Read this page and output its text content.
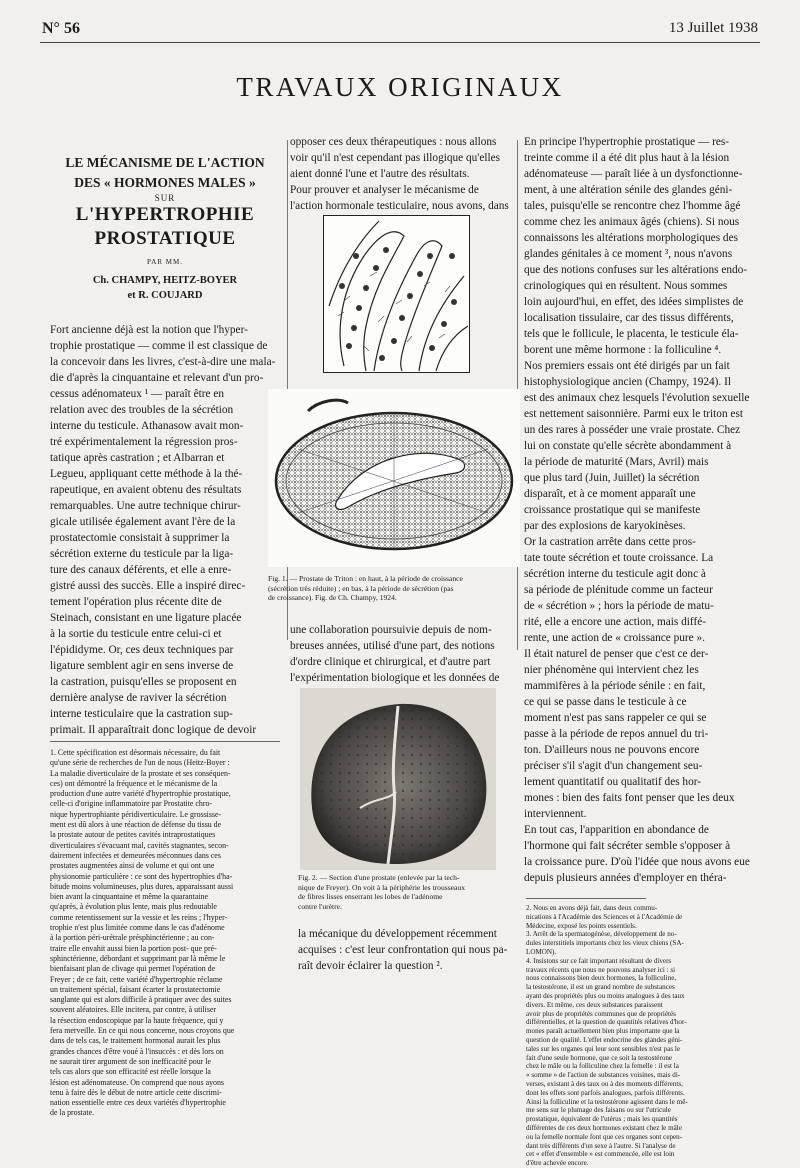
N° 56	13 Juillet 1938
TRAVAUX ORIGINAUX
LE MÉCANISME DE L'ACTION
DES « HORMONES MALES »
SUR
L'HYPERTROPHIE
PROSTATIQUE
PAR MM.
Ch. CHAMPY, HEITZ-BOYER
et R. COUJARD
Fort ancienne déjà est la notion que l'hyper-
trophie prostatique — comme il est classique de
la concevoir dans les livres, c'est-à-dire une mala-
die d'après la cinquantaine et relevant d'un pro-
cessus adénomateux ¹ — paraît être en
relation avec des troubles de la sécrétion
interne du testicule. Athanasow avait mon-
tré expérimentalement la régression pros-
tatique après castration ; et Albarran et
Legueu, appliquant cette méthode à la thé-
rapeutique, en avaient obtenu des résultats
remarquables. Une autre technique chirur-
gicale utilisée également avant l'ère de la
prostatectomie consistait à supprimer la
sécrétion externe du testicule par la liga-
ture des canaux déférents, et elle a enre-
gistré aussi des succès. Elle a inspiré direc-
tement l'opération plus récente dite de
Steinach, consistant en une ligature placée
à la sortie du testicule entre celui-ci et
l'épididyme. Or, ces deux techniques par
ligature semblent agir en sens inverse de
la castration, puisqu'elles se proposent en
dernière analyse de raviver la sécrétion
interne testiculaire que la castration sup-
primait. Il apparaîtrait donc logique de devoir
1. Cette spécification est désormais nécessaire, du fait
qu'une série de recherches de l'un de nous (Heitz-Boyer :
La maladie diverticulaire de la prostate et ses conséquen-
ces) ont démontré la fréquence et le mécanisme de la
production d'une autre variété d'hypertrophie prostatique,
celle-ci d'origine inflammatoire par Prostatite chro-
nique hypertrophiante péridiverticulaire. Le grossisse-
ment est dû alors à une réaction de défense du tissu de
la prostate autour de petites cavités intraprostatiques
diverticulaires s'évacuant mal, cavités stagnantes, secon-
dairement infectées et demeurées méconnues dans ces
prostates augmentées ainsi de volume et qui ont une
physionomie particulière : ce sont des hypertrophies d'ha-
bitude moins volumineuses, plus dures, apparaissant aussi
bien avant la cinquantaine et même la quarantaine
qu'après, à évolution plus lente, mais plus redoutable
comme retentissement sur la vessie et les reins ; l'hyper-
trophie n'est plus limitée comme dans le cas d'adénome
à la portion péri-urétrale présphinctérienne ; au con-
traire elle envahit aussi bien la portion post- que pré-
sphinctérienne, débordant et supprimant par là même le
bienfaisant plan de clivage qui permet l'opération de
Freyer ; de ce fait, cette variété d'hypertrophie réclame
un traitement spécial, faisant écarter la prostatectomie
sanglante qui est alors difficile à pratiquer avec des suites
souvent aléatoires. Elle incitera, par contre, à utiliser
la résection endoscopique par la haute fréquence, qui y
fera merveille. En ce qui nous concerne, nous croyons que
dans de tels cas, le traitement hormonal aurait les plus
grandes chances d'être voué à l'insuccès : et dès lors on
ne saurait tirer argument de son inefficacité pour le
tels cas alors que son efficacité est réelle lorsque la
lésion est adénomateuse. On comprend que nous ayons
tenu à faire dès le début de notre article cette discrimi-
nation essentielle entre ces deux variétés d'hypertrophie
de la prostate.
opposer ces deux thérapeutiques : nous allons
voir qu'il n'est cependant pas illogique qu'elles
aient donné l'une et l'autre des résultats.
Pour prouver et analyser le mécanisme de
l'action hormonale testiculaire, nous avons, dans
Fig. 1. — Prostate de Triton : en haut, à la période de croissance
(sécrétion très réduite) ; en bas, à la période de sécrétion (pas
de croissance). Fig. de Ch. Champy, 1924.
une collaboration poursuivie depuis de nom-
breuses années, utilisé d'une part, des notions
d'ordre clinique et chirurgical, et d'autre part
l'expérimentation biologique et les données de
Fig. 2. — Section d'une prostate (enlevée par la tech-
nique de Freyer). On voit à la périphérie les trousseaux
de fibres lisses enserrant les lobes de l'adénome
contre l'urètre.
la mécanique du développement récemment
acquises : c'est leur confrontation qui nous pa-
raît devoir éclairer la question ².
En principe l'hypertrophie prostatique — res-
treinte comme il a été dit plus haut à la lésion
adénomateuse — paraît liée à un dysfonctionne-
ment, à une altération sénile des glandes géni-
tales, puisqu'elle se rencontre chez l'homme âgé
comme chez les animaux âgés (chiens). Si nous
connaissons les altérations morphologiques des
glandes génitales à ce moment ³, nous n'avons
que des notions confuses sur les altérations endo-
crinologiques qui en résultent. Nous sommes
loin aujourd'hui, en effet, des idées simplistes de
localisation tissulaire, car des tissus différents,
tels que le follicule, le placenta, le testicule éla-
borent une même hormone : la folliculine ⁴.
Nos premiers essais ont été dirigés par un fait
histophysiologique ancien (Champy, 1924). Il
est des animaux chez lesquels l'évolution sexuelle
est nettement saisonnière. Parmi eux le triton est
un des rares à posséder une vraie prostate. Chez
lui on constate qu'elle sécrète abondamment à
la période de maturité (Mars, Avril) mais
que plus tard (Juin, Juillet) la sécrétion
disparaît, et à ce moment apparaît une
croissance prostatique qui se manifeste
par des explosions de karyokinèses.
Or la castration arrête dans cette pros-
tate toute sécrétion et toute croissance. La
sécrétion interne du testicule agit donc à
sa période de plénitude comme un facteur
de « sécrétion » ; hors la période de matu-
rité, elle a encore une action, mais diffé-
rente, une action de « croissance pure ».
Il était naturel de penser que c'est ce der-
nier phénomène qui intervient chez les
mammifères à la période sénile : en fait,
ce qui se passe dans le testicule à ce
moment n'est pas sans rappeler ce qui se
passe à la période de repos annuel du tri-
ton. D'ailleurs nous ne pouvons encore
préciser s'il s'agit d'un changement seu-
lement quantitatif ou qualitatif des hor-
mones : bien des faits font penser que les deux
interviennent.
En tout cas, l'apparition en abondance de
l'hormone qui fait sécréter semble s'opposer à
la croissance pure. D'où l'idée que nous avons eue
depuis plusieurs années d'employer en théra-
2. Nous en avons déjà fait, dans deux commu-
nications à l'Académie des Sciences et à l'Académie de
Médecine, exposé les points essentiels.
3. Arrêt de la spermatogénèse, développement de no-
dules interstitiels importants chez les vieux chiens (SA-
LOMON).
4. Insistons sur ce fait important résultant de divers
travaux récents que nous ne pouvons analyser ici : si
nous connaissons bien deux hormones, la folliculine,
la testostérone, il est un grand nombre de substances
ayant des propriétés plus ou moins analogues à des taux
divers. Et même, ces deux substances paraissent
avoir plus de propriétés communes que de propriétés
différentielles, et la question de quantités relatives d'hor-
mones paraît actuellement bien plus importante que la
question de qualité. L'effet endocrine des glandes géni-
tales sur les organes qui leur sont sensibles n'est pas le
fait d'une seule hormone, que ce soit la testostérone
chez le mâle ou la folliculine chez la femelle : il est la
« somme » de l'action de substances voisines, mais di-
verses, existant à des taux ou à des moments différents,
dont les effets sont parfois analogues, parfois différents.
Ainsi la folliculine et la testostérone agissent dans le mê-
me sens sur le plumage des faisans ou sur l'utricule
prostatique, équivalent de l'utérus ; mais les quantités
différentes de ces deux hormones existant chez le mâle
ou la femelle normale font que ces organes sont cepen-
dant très différents d'un sexe à l'autre. Si l'analyse de
cet « effet d'ensemble » est commencée, elle est loin
d'être achevée encore.
